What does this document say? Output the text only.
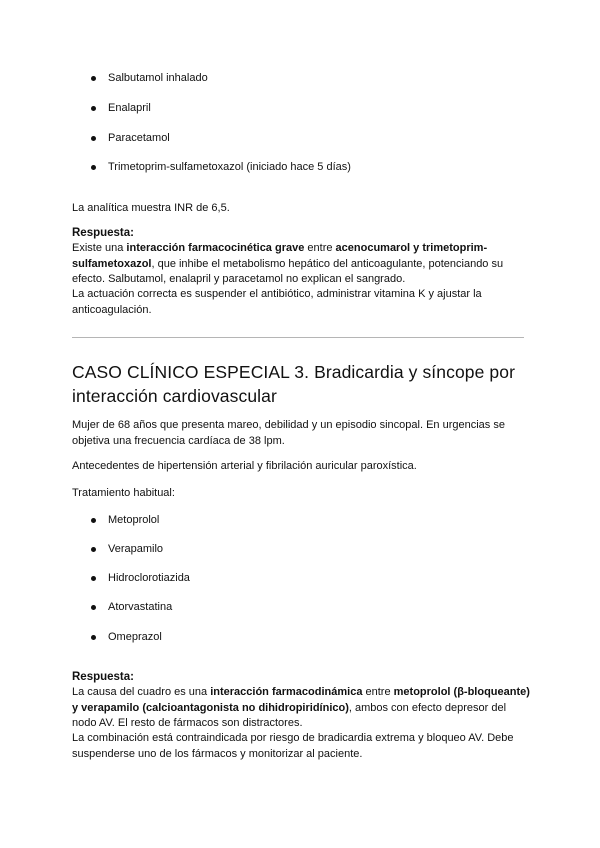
Salbutamol inhalado
Enalapril
Paracetamol
Trimetoprim-sulfametoxazol (iniciado hace 5 días)

La analítica muestra INR de 6,5.

Respuesta:

Existe una interacción farmacocinética grave entre acenocumarol y trimetoprim-sulfametoxazol, que inhibe el metabolismo hepático del anticoagulante, potenciando su efecto. Salbutamol, enalapril y paracetamol no explican el sangrado.

La actuación correcta es suspender el antibiótico, administrar vitamina K y ajustar la anticoagulación.

CASO CLÍNICO ESPECIAL 3. Bradicardia y síncope por interacción cardiovascular

Mujer de 68 años que presenta mareo, debilidad y un episodio sincopal. En urgencias se objetiva una frecuencia cardíaca de 38 lpm.

Antecedentes de hipertensión arterial y fibrilación auricular paroxística.

Tratamiento habitual:

Metoprolol
Verapamilo
Hidroclorotiazida
Atorvastatina
Omeprazol

Respuesta:

La causa del cuadro es una interacción farmacodinámica entre metoprolol (β-bloqueante) y verapamilo (calcioantagonista no dihidropiridínico), ambos con efecto depresor del nodo AV. El resto de fármacos son distractores.

La combinación está contraindicada por riesgo de bradicardia extrema y bloqueo AV. Debe suspenderse uno de los fármacos y monitorizar al paciente.
